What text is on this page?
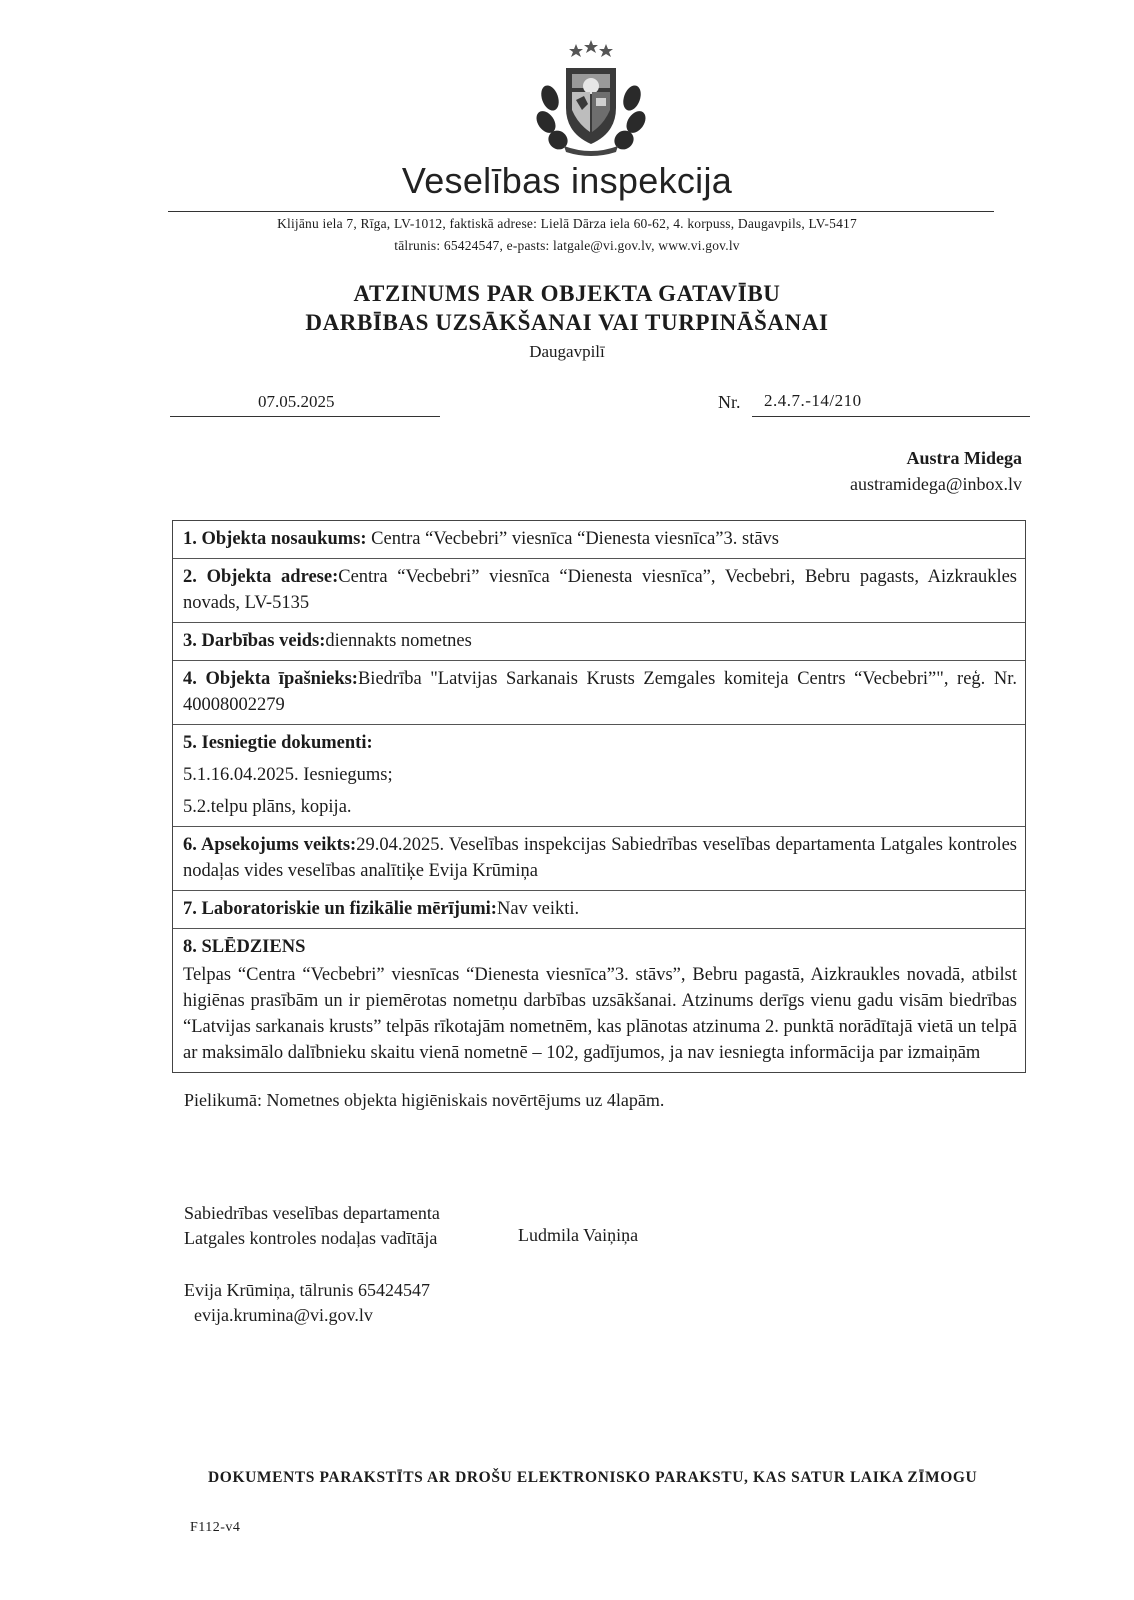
Veselības inspekcija
Klijānu iela 7, Rīga, LV-1012, faktiskā adrese: Lielā Dārza iela 60-62, 4. korpuss, Daugavpils, LV-5417
tālrunis: 65424547, e-pasts: latgale@vi.gov.lv, www.vi.gov.lv
ATZINUMS PAR OBJEKTA GATAVĪBU
DARBĪBAS UZSĀKŠANAI VAI TURPINĀŠANAI
Daugavpilī
07.05.2025	Nr. 2.4.7.-14/210
Austra Midega
austramidega@inbox.lv
1. Objekta nosaukums: Centra “Vecbebri” viesnīca “Dienesta viesnīca”3. stāvs
2. Objekta adrese:Centra “Vecbebri” viesnīca “Dienesta viesnīca”, Vecbebri, Bebru pagasts, Aizkraukles novads, LV-5135
3. Darbības veids:diennakts nometnes
4. Objekta īpašnieks:Biedrība "Latvijas Sarkanais Krusts Zemgales komiteja Centrs “Vecbebri”", reģ. Nr. 40008002279
5. Iesniegtie dokumenti:
5.1.16.04.2025. Iesniegums;
5.2.telpu plāns, kopija.
6. Apsekojums veikts:29.04.2025. Veselības inspekcijas Sabiedrības veselības departamenta Latgales kontroles nodaļas vides veselības analītiķe Evija Krūmiņa
7. Laboratoriskie un fizikālie mērījumi:Nav veikti.
8. SLĒDZIENS
Telpas “Centra “Vecbebri” viesnīcas “Dienesta viesnīca”3. stāvs”, Bebru pagastā, Aizkraukles novadā, atbilst higiēnas prasībām un ir piemērotas nometņu darbības uzsākšanai. Atzinums derīgs vienu gadu visām biedrības “Latvijas sarkanais krusts” telpās rīkotajām nometnēm, kas plānotas atzinuma 2. punktā norādītajā vietā un telpā ar maksimālo dalībnieku skaitu vienā nometnē – 102, gadījumos, ja nav iesniegta informācija par izmaiņām
Pielikumā: Nometnes objekta higiēniskais novērtējums uz 4lapām.
Sabiedrības veselības departamenta
Latgales kontroles nodaļas vadītāja	Ludmila Vaiņiņa
Evija Krūmiņa, tālrunis 65424547
evija.krumina@vi.gov.lv
DOKUMENTS PARAKSTĪTS AR DROŠU ELEKTRONISKO PARAKSTU, KAS SATUR LAIKA ZĪMOGU
F112-v4
